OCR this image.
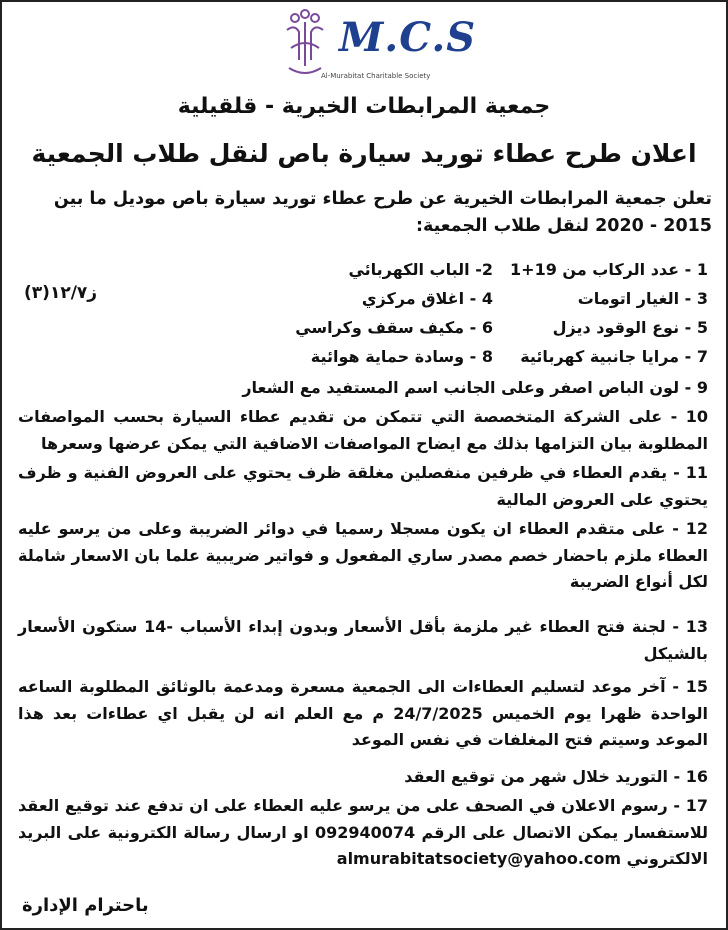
M.C.S
Al-Murabitat Charitable Society
جمعية المرابطات الخيرية - قلقيلية
اعلان طرح عطاء توريد سيارة باص لنقل طلاب الجمعية
تعلن جمعية المرابطات الخيرية عن طرح عطاء توريد سيارة باص موديل ما بين 2015 - 2020 لنقل طلاب الجمعية:
ز١٢/٧(٣)
1 - عدد الركاب من 19+1
2- الباب الكهربائي
3 - الغيار اتومات
4 - اغلاق مركزي
5 - نوع الوقود ديزل
6 - مكيف سقف وكراسي
7 - مرايا جانبية كهربائية
8 - وسادة حماية هوائية
9 - لون الباص اصفر وعلى الجانب اسم المستفيد مع الشعار
10 - على الشركة المتخصصة التي تتمكن من تقديم عطاء السيارة بحسب المواصفات المطلوبة بيان التزامها بذلك مع ايضاح المواصفات الاضافية التي يمكن عرضها وسعرها
11 - يقدم العطاء في ظرفين منفصلين مغلقة ظرف يحتوي على العروض الفنية و ظرف يحتوي على العروض المالية
12 - على متقدم العطاء ان يكون مسجلا رسميا في دوائر الضريبة وعلى من يرسو عليه العطاء ملزم باحضار خصم مصدر ساري المفعول و فواتير ضريبية علما بان الاسعار شاملة لكل أنواع الضريبة
13 - لجنة فتح العطاء غير ملزمة بأقل الأسعار وبدون إبداء الأسباب -14 ستكون الأسعار بالشيكل
15 - آخر موعد لتسليم العطاءات الى الجمعية مسعرة ومدعمة بالوثائق المطلوبة الساعه الواحدة ظهرا يوم الخميس 24/7/2025 م مع العلم انه لن يقبل اي عطاءات بعد هذا الموعد وسيتم فتح المغلفات في نفس الموعد
16 - التوريد خلال شهر من توقيع العقد
17 - رسوم الاعلان في الصحف على من يرسو عليه العطاء على ان تدفع عند توقيع العقد للاستفسار يمكن الاتصال على الرقم 092940074 او ارسال رسالة الكترونية على البريد الالكتروني almurabitatsociety@yahoo.com
باحترام الإدارة
